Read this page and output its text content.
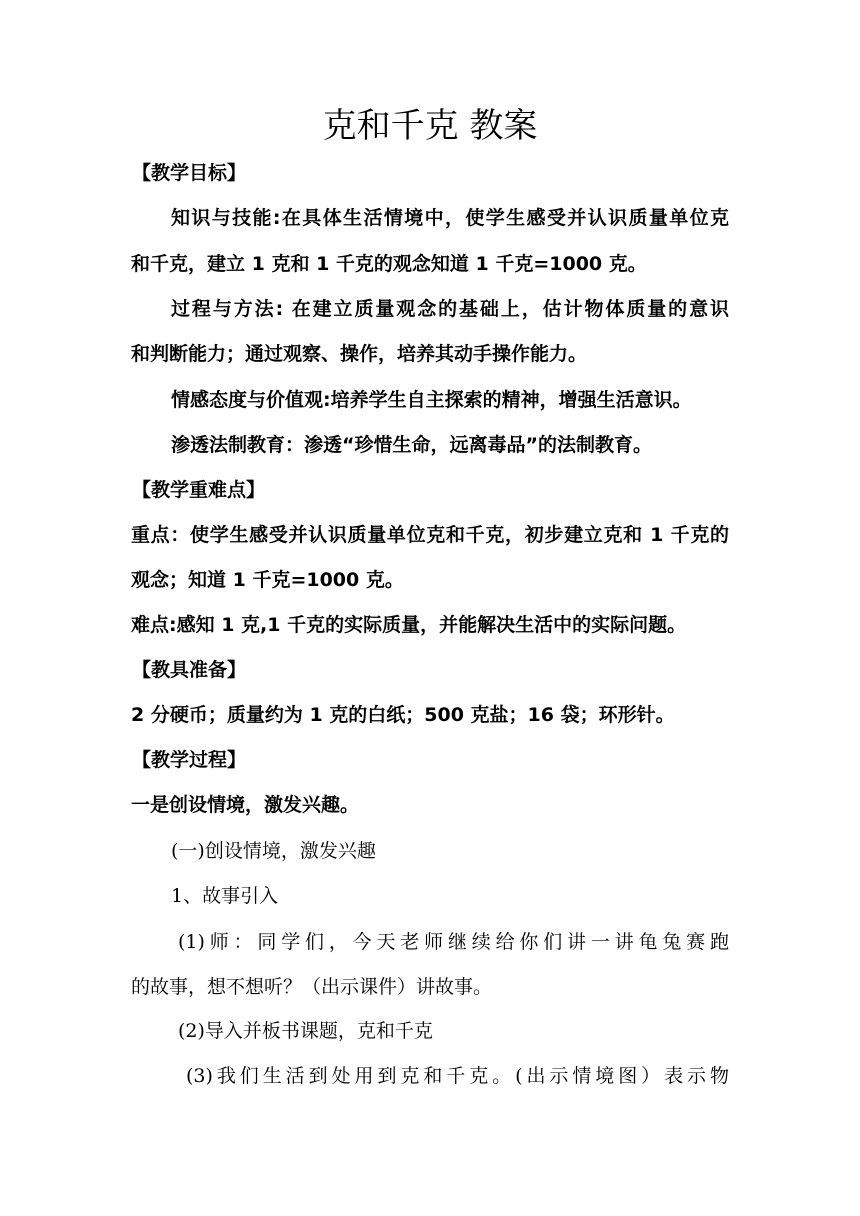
克和千克 教案
【教学目标】
知识与技能:在具体生活情境中，使学生感受并认识质量单位克
和千克，建立 1 克和 1 千克的观念知道 1 千克=1000 克。
过程与方法: 在建立质量观念的基础上，估计物体质量的意识
和判断能力；通过观察、操作，培养其动手操作能力。
情感态度与价值观:培养学生自主探索的精神，增强生活意识。
渗透法制教育：渗透“珍惜生命，远离毒品”的法制教育。
【教学重难点】
重点：使学生感受并认识质量单位克和千克，初步建立克和 1 千克的
观念；知道 1 千克=1000 克。
难点:感知 1 克,1 千克的实际质量，并能解决生活中的实际问题。
【教具准备】
2 分硬币；质量约为 1 克的白纸；500 克盐；16 袋；环形针。
【教学过程】
一是创设情境，激发兴趣。
(一)创设情境，激发兴趣
1、故事引入
(1)师：同学们，今天老师继续给你们讲一讲龟兔赛跑
的故事，想不想听？（出示课件）讲故事。
(2)导入并板书课题，克和千克
(3)我们生活到处用到克和千克。(出示情境图）表示物
